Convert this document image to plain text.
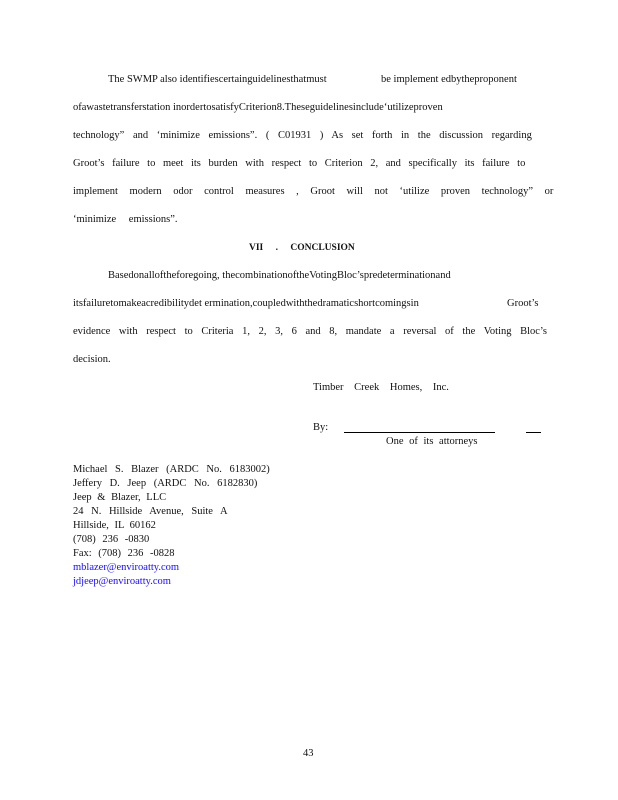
The SWMP also identifiescertainguidelinesthatmust	be implement edbytheproponent
ofawastetransferstation inordertosatisfyCriterion8.Theseguidelinesinclude‘utilizeproven
technology” and ‘minimize emissions”. ( C01931 ) As set forth in the discussion regarding
Groot’s failure to meet its burden with respect to Criterion 2, and specifically its failure to
implement modern odor control measures , Groot will not ‘utilize proven technology” or
‘minimize emissions”.
VII . CONCLUSION
Basedonalloftheforegoing, thecombinationoftheVotingBloc’spredeterminationand
itsfailuretomakeacredibilitydet ermination,coupledwiththedramaticshortcomingsin	Groot’s
evidence with respect to Criteria 1, 2, 3, 6 and 8, mandate a reversal of the Voting Bloc’s
decision.
Timber Creek Homes, Inc.
By:
One of its attorneys
Michael S. Blazer (ARDC No. 6183002)
Jeffery D. Jeep (ARDC No. 6182830)
Jeep & Blazer, LLC
24 N. Hillside Avenue, Suite A
Hillside, IL 60162
(708) 236 -0830
Fax: (708) 236 -0828
mblazer@enviroatty.com
jdjeep@enviroatty.com
43
